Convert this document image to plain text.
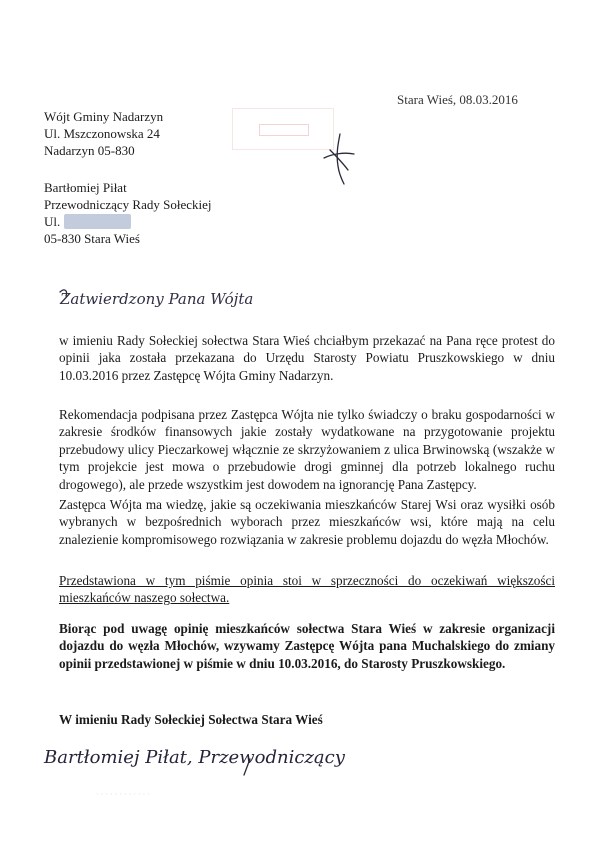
Stara Wieś, 08.03.2016
Wójt Gminy Nadarzyn
Ul. Mszczonowska 24
Nadarzyn 05-830
Bartłomiej Piłat
Przewodniczący Rady Sołeckiej
Ul. Klonowa 10
05-830 Stara Wieś
Zatwierdzony Pana Wójta
w imieniu Rady Sołeckiej sołectwa Stara Wieś chciałbym przekazać na Pana ręce protest do opinii jaka została przekazana do Urzędu Starosty Powiatu Pruszkowskiego w dniu 10.03.2016 przez Zastępcę Wójta Gminy Nadarzyn.
Rekomendacja podpisana przez Zastępca Wójta nie tylko świadczy o braku gospodarności w zakresie środków finansowych jakie zostały wydatkowane na przygotowanie projektu przebudowy ulicy Pieczarkowej włącznie ze skrzyżowaniem z ulica Brwinowską (wszakże w tym projekcie jest mowa o przebudowie drogi gminnej dla potrzeb lokalnego ruchu drogowego), ale przede wszystkim jest dowodem na ignorancję Pana Zastępcy.
Zastępca Wójta ma wiedzę, jakie są oczekiwania mieszkańców Starej Wsi oraz wysiłki osób wybranych w bezpośrednich wyborach przez mieszkańców wsi, które mają na celu znalezienie kompromisowego rozwiązania w zakresie problemu dojazdu do węzła Młochów.
Przedstawiona w tym piśmie opinia stoi w sprzeczności do oczekiwań większości mieszkańców naszego sołectwa.
Biorąc pod uwagę opinię mieszkańców sołectwa Stara Wieś w zakresie organizacji dojazdu do węzła Młochów, wzywamy Zastępcę Wójta pana Muchalskiego do zmiany opinii przedstawionej w piśmie w dniu 10.03.2016, do Starosty Pruszkowskiego.
W imieniu Rady Sołeckiej Sołectwa Stara Wieś
Bartłomiej Piłat, Przewodniczący
· · · · · · · · · · · ·
